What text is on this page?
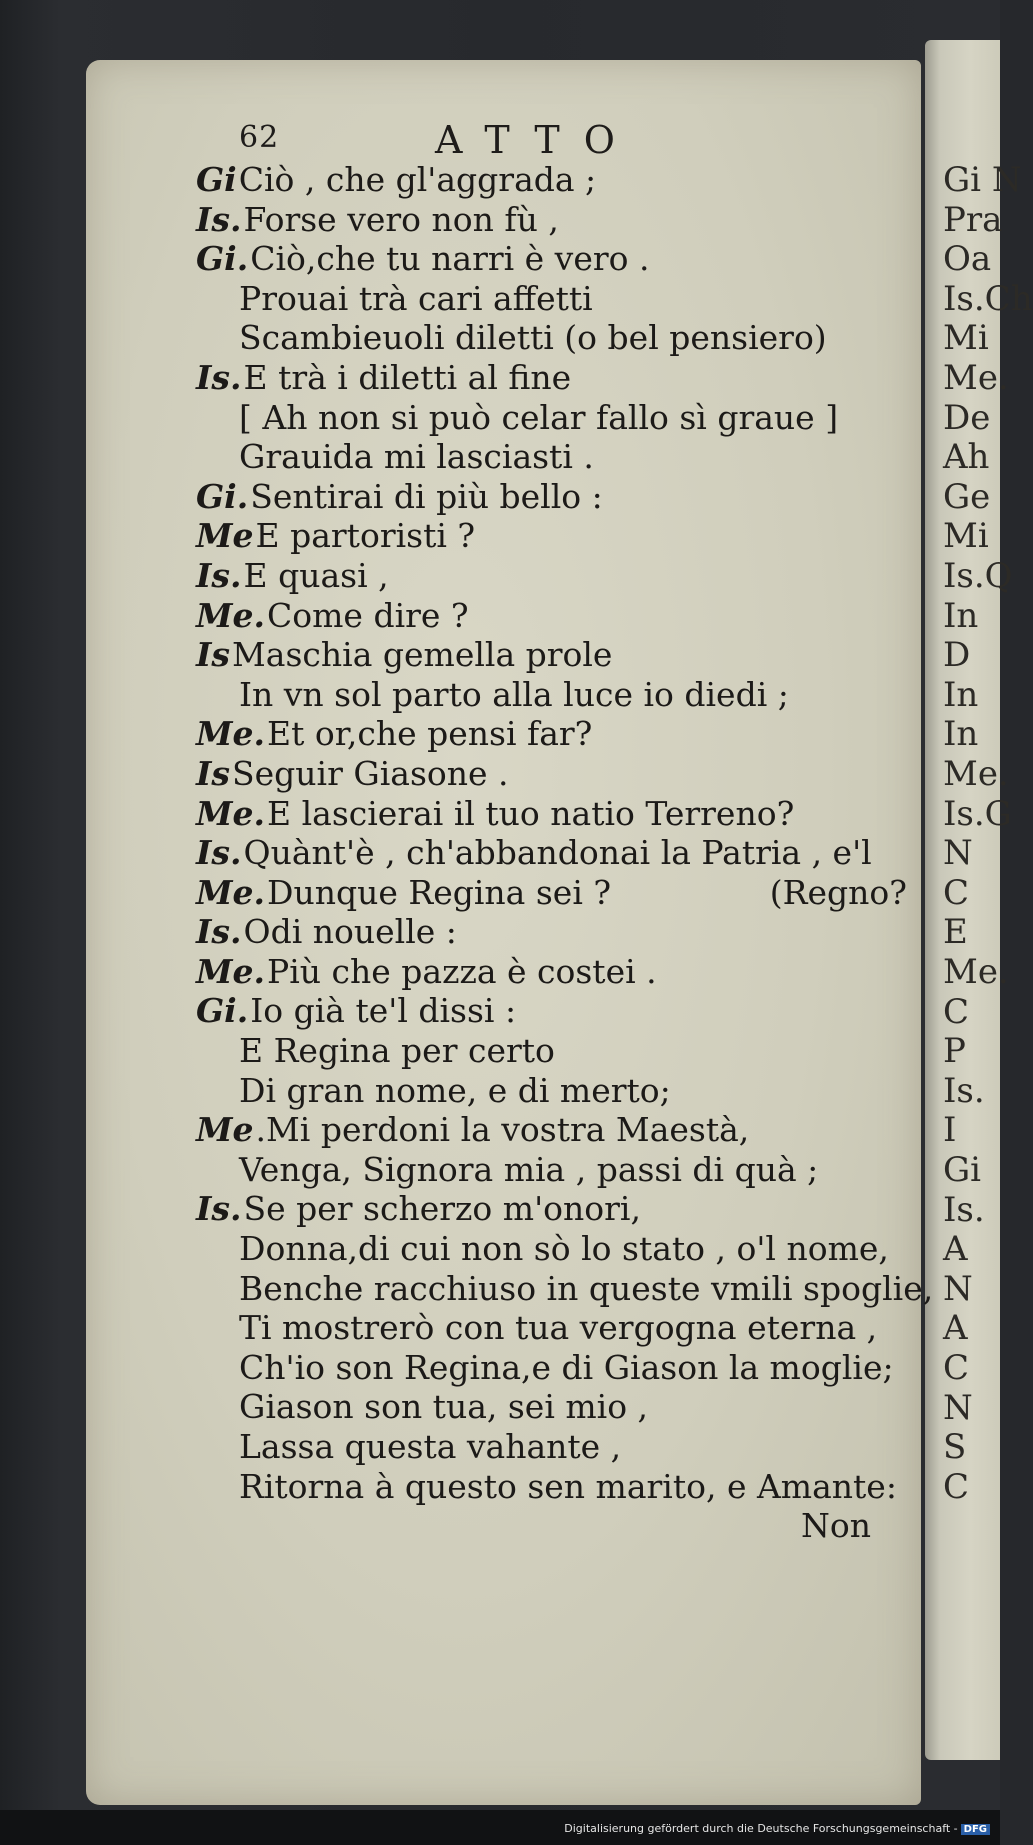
Gi N
Pra
Oa
Is.Ch
Mi
Me.
De
Ah
Ge
Mi
Is.Q
In
D
In
In
Me.
Is.G
N
C
E
Me.
C
P
Is.
I
Gi
Is.
A
N
A
C
N
S
C
62	ATTO
GiCiò , che gl'aggrada ;
Is.Forse vero non fù ,
Gi.Ciò,che tu narri è vero .
Prouai trà cari affetti
Scambieuoli diletti (o bel pensiero)
Is.E trà i diletti al fine
[ Ah non si può celar fallo sì graue ]
Grauida mi lasciasti .
Gi.Sentirai di più bello :
MeE partoristi ?
Is.E quasi ,
Me.Come dire ?
IsMaschia gemella prole
In vn sol parto alla luce io diedi ;
Me.Et or,che pensi far?
IsSeguir Giasone .
Me.E lascierai il tuo natio Terreno?
Is.Quànt'è , ch'abbandonai la Patria , e'l
Me.Dunque Regina sei ?	(Regno?
Is.Odi nouelle :
Me.Più che pazza è costei .
Gi.Io già te'l dissi :
E Regina per certo
Di gran nome, e di merto;
Me.Mi perdoni la vostra Maestà,
Venga, Signora mia , passi di quà ;
Is.Se per scherzo m'onori,
Donna,di cui non sò lo stato , o'l nome,
Benche racchiuso in queste vmili spoglie,
Ti mostrerò con tua vergogna eterna ,
Ch'io son Regina,e di Giason la moglie;
Giason son tua, sei mio ,
Lassa questa vahante ,
Ritorna à questo sen marito, e Amante:
Non
Digitalisierung gefördert durch die Deutsche Forschungsgemeinschaft - DFG
